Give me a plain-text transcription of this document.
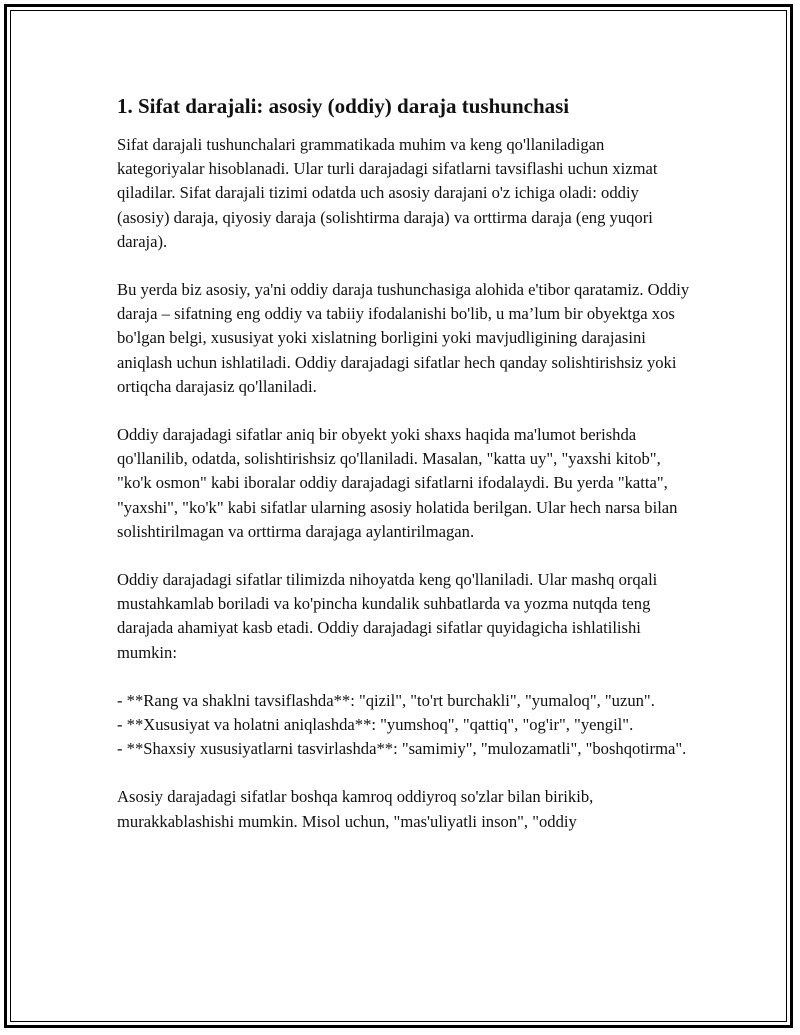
1. Sifat darajali: asosiy (oddiy) daraja tushunchasi

Sifat darajali tushunchalari grammatikada muhim va keng qo'llaniladigan kategoriyalar hisoblanadi. Ular turli darajadagi sifatlarni tavsiflashi uchun xizmat qiladilar. Sifat darajali tizimi odatda uch asosiy darajani o'z ichiga oladi: oddiy (asosiy) daraja, qiyosiy daraja (solishtirma daraja) va orttirma daraja (eng yuqori daraja).

Bu yerda biz asosiy, ya'ni oddiy daraja tushunchasiga alohida e'tibor qaratamiz. Oddiy daraja – sifatning eng oddiy va tabiiy ifodalanishi bo'lib, u ma’lum bir obyektga xos bo'lgan belgi, xususiyat yoki xislatning borligini yoki mavjudligining darajasini aniqlash uchun ishlatiladi. Oddiy darajadagi sifatlar hech qanday solishtirishsiz yoki ortiqcha darajasiz qo'llaniladi.

Oddiy darajadagi sifatlar aniq bir obyekt yoki shaxs haqida ma'lumot berishda qo'llanilib, odatda, solishtirishsiz qo'llaniladi. Masalan, "katta uy", "yaxshi kitob", "ko'k osmon" kabi iboralar oddiy darajadagi sifatlarni ifodalaydi. Bu yerda "katta", "yaxshi", "ko'k" kabi sifatlar ularning asosiy holatida berilgan. Ular hech narsa bilan solishtirilmagan va orttirma darajaga aylantirilmagan.

Oddiy darajadagi sifatlar tilimizda nihoyatda keng qo'llaniladi. Ular mashq orqali mustahkamlab boriladi va ko'pincha kundalik suhbatlarda va yozma nutqda teng darajada ahamiyat kasb etadi. Oddiy darajadagi sifatlar quyidagicha ishlatilishi mumkin:

- **Rang va shaklni tavsiflashda**: "qizil", "to'rt burchakli", "yumaloq", "uzun".
- **Xususiyat va holatni aniqlashda**: "yumshoq", "qattiq", "og'ir", "yengil".
- **Shaxsiy xususiyatlarni tasvirlashda**: "samimiy", "mulozamatli", "boshqotirma".

Asosiy darajadagi sifatlar boshqa kamroq oddiyroq so'zlar bilan birikib, murakkablashishi mumkin. Misol uchun, "mas'uliyatli inson", "oddiy
